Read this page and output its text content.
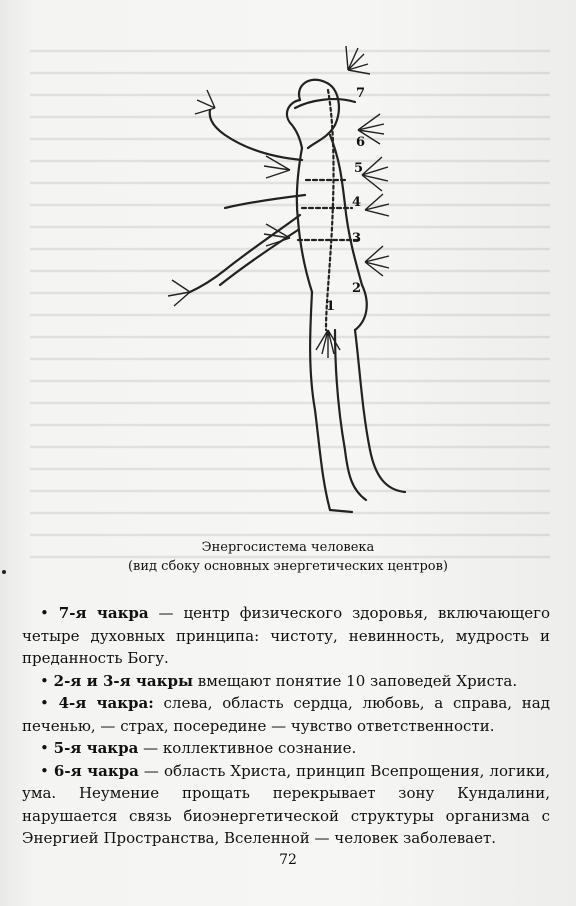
7
6
5
4
3
2
1
Энергосистема человека
(вид сбоку основных энергетических центров)

• 7-я чакра — центр физического здоровья, включающего четыре духовных принципа: чистоту, невинность, мудрость и преданность Богу.

• 2-я и 3-я чакры вмещают понятие 10 заповедей Христа.

• 4-я чакра: слева, область сердца, любовь, а справа, над печенью, — страх, посередине — чувство ответственности.

• 5-я чакра — коллективное сознание.

• 6-я чакра — область Христа, принцип Всепрощения, логики, ума. Неумение прощать перекрывает зону Кундалини, нарушается связь биоэнергетической структуры организма с Энергией Пространства, Вселенной — человек заболевает.

72
